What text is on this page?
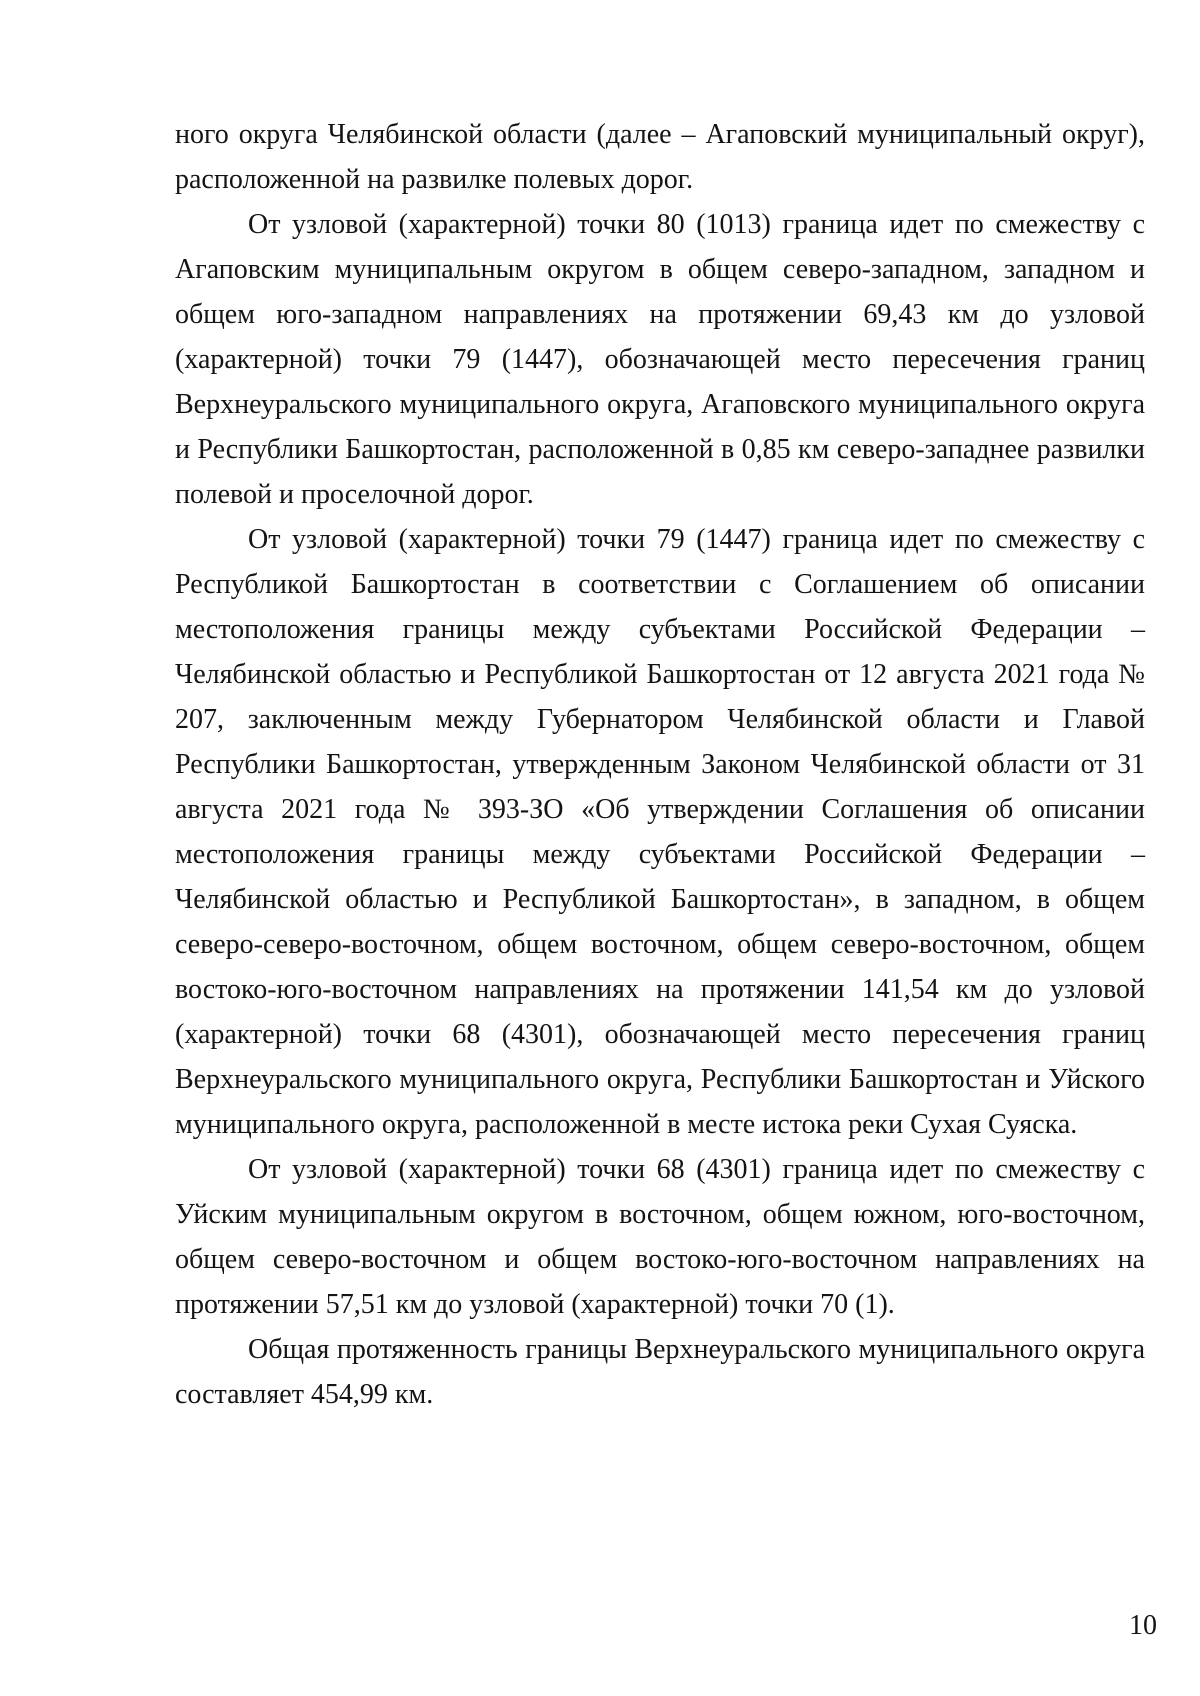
ного округа Челябинской области (далее – Агаповский муниципальный округ), расположенной на развилке полевых дорог.

От узловой (характерной) точки 80 (1013) граница идет по смежеству с Агаповским муниципальным округом в общем северо-западном, западном и общем юго-западном направлениях на протяжении 69,43 км до узловой (характерной) точки 79 (1447), обозначающей место пересечения границ Верхнеуральского муниципального округа, Агаповского муниципального округа и Республики Башкортостан, расположенной в 0,85 км северо-западнее развилки полевой и проселочной дорог.

От узловой (характерной) точки 79 (1447) граница идет по смежеству с Республикой Башкортостан в соответствии с Соглашением об описании местоположения границы между субъектами Российской Федерации – Челябинской областью и Республикой Башкортостан от 12 августа 2021 года № 207, заключенным между Губернатором Челябинской области и Главой Республики Башкортостан, утвержденным Законом Челябинской области от 31 августа 2021 года № 393-ЗО «Об утверждении Соглашения об описании местоположения границы между субъектами Российской Федерации – Челябинской областью и Республикой Башкортостан», в западном, в общем северо-северо-восточном, общем восточном, общем северо-восточном, общем востоко-юго-восточном направлениях на протяжении 141,54 км до узловой (характерной) точки 68 (4301), обозначающей место пересечения границ Верхнеуральского муниципального округа, Республики Башкортостан и Уйского муниципального округа, расположенной в месте истока реки Сухая Суяска.

От узловой (характерной) точки 68 (4301) граница идет по смежеству с Уйским муниципальным округом в восточном, общем южном, юго-восточном, общем северо-восточном и общем востоко-юго-восточном направлениях на протяжении 57,51 км до узловой (характерной) точки 70 (1).

Общая протяженность границы Верхнеуральского муниципального округа составляет 454,99 км.

10
